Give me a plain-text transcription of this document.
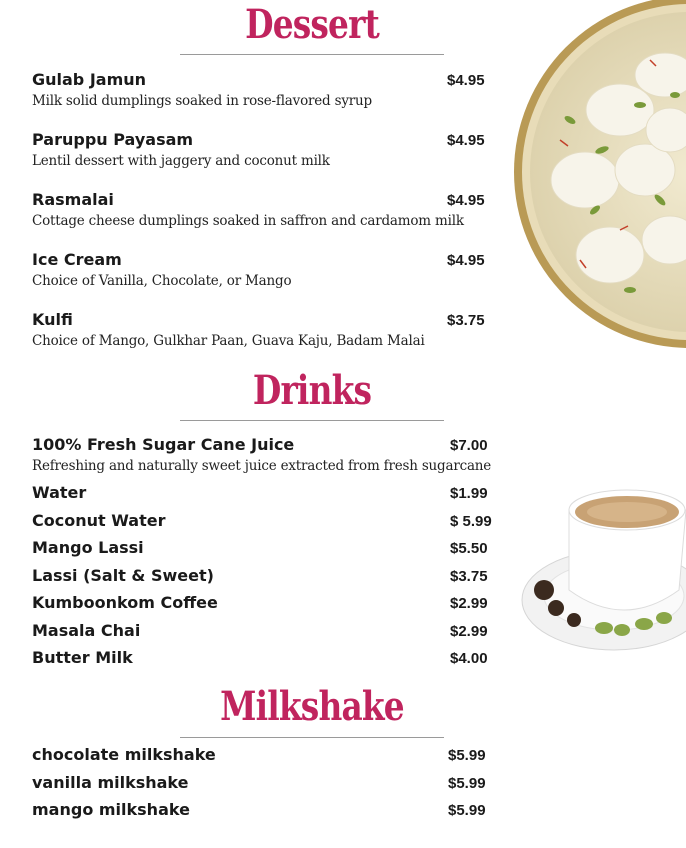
Dessert
Gulab Jamun	$4.95
Milk solid dumplings soaked in rose-flavored syrup
Paruppu Payasam	$4.95
Lentil dessert with jaggery and coconut milk
Rasmalai	$4.95
Cottage cheese dumplings soaked in saffron and cardamom milk
Ice Cream	$4.95
Choice of Vanilla, Chocolate, or Mango
Kulfi	$3.75
Choice of Mango, Gulkhar Paan, Guava Kaju, Badam Malai
Drinks
100% Fresh Sugar Cane Juice	$7.00
Refreshing and naturally sweet juice extracted from fresh sugarcane
Water	$1.99
Coconut Water	$ 5.99
Mango Lassi	$5.50
Lassi (Salt & Sweet)	$3.75
Kumboonkom Coffee	$2.99
Masala Chai	$2.99
Butter Milk	$4.00
Milkshake
chocolate milkshake	$5.99
vanilla milkshake	$5.99
mango milkshake	$5.99
